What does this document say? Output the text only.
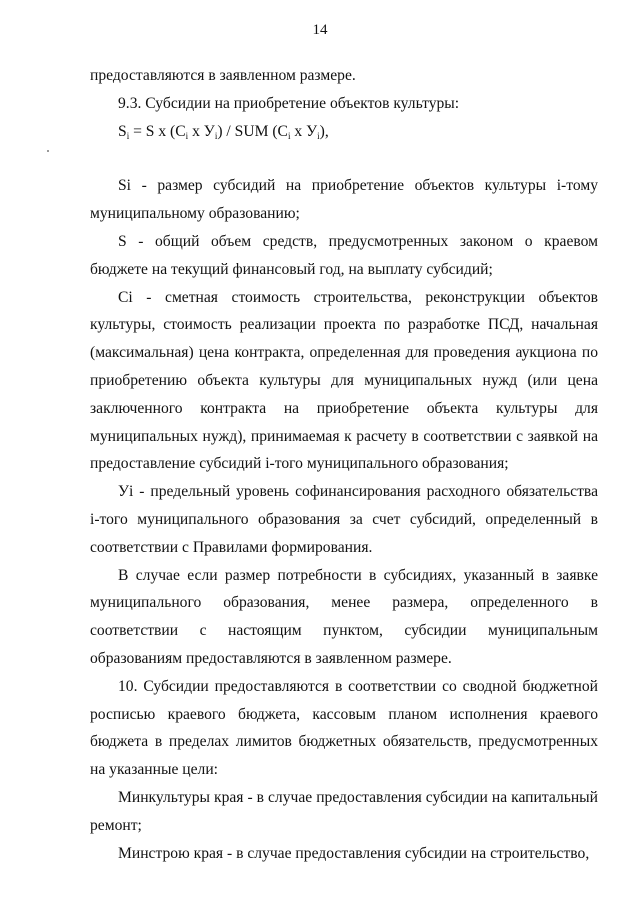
14

предоставляются в заявленном размере.

9.3. Субсидии на приобретение объектов культуры:

$S_i = S$ x ($C_i$ x $У_i$) / SUM ($C_i$ x $У_i$),

Si - размер субсидий на приобретение объектов культуры i-тому муниципальному образованию;

S - общий объем средств, предусмотренных законом о краевом бюджете на текущий финансовый год, на выплату субсидий;

Ci - сметная стоимость строительства, реконструкции объектов культуры, стоимость реализации проекта по разработке ПСД, начальная (максимальная) цена контракта, определенная для проведения аукциона по приобретению объекта культуры для муниципальных нужд (или цена заключенного контракта на приобретение объекта культуры для муниципальных нужд), принимаемая к расчету в соответствии с заявкой на предоставление субсидий i-того муниципального образования;

Уi - предельный уровень софинансирования расходного обязательства i-того муниципального образования за счет субсидий, определенный в соответствии с Правилами формирования.

В случае если размер потребности в субсидиях, указанный в заявке муниципального образования, менее размера, определенного в соответствии с настоящим пунктом, субсидии муниципальным образованиям предоставляются в заявленном размере.

10. Субсидии предоставляются в соответствии со сводной бюджетной росписью краевого бюджета, кассовым планом исполнения краевого бюджета в пределах лимитов бюджетных обязательств, предусмотренных на указанные цели:

Минкультуры края - в случае предоставления субсидии на капитальный ремонт;

Минстрою края - в случае предоставления субсидии на строительство,
